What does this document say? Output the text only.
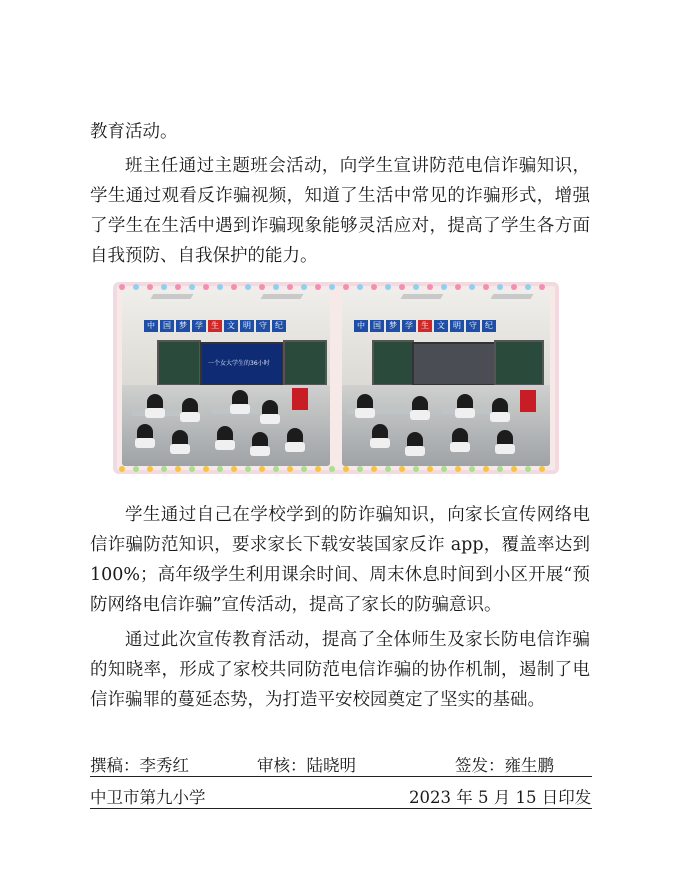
教育活动。

班主任通过主题班会活动，向学生宣讲防范电信诈骗知识，学生通过观看反诈骗视频，知道了生活中常见的诈骗形式，增强了学生在生活中遇到诈骗现象能够灵活应对，提高了学生各方面自我预防、自我保护的能力。

中	国	梦	学	生	文	明	守	纪
一个女大学生的36小时
中	国	梦	学	生	文	明	守	纪

学生通过自己在学校学到的防诈骗知识，向家长宣传网络电信诈骗防范知识，要求家长下载安装国家反诈 app，覆盖率达到100%；高年级学生利用课余时间、周末休息时间到小区开展“预防网络电信诈骗”宣传活动，提高了家长的防骗意识。

通过此次宣传教育活动，提高了全体师生及家长防电信诈骗的知晓率，形成了家校共同防范电信诈骗的协作机制，遏制了电信诈骗罪的蔓延态势，为打造平安校园奠定了坚实的基础。

撰稿：李秀红	审核：陆晓明	签发：雍生鹏
中卫市第九小学	2023 年 5 月 15 日印发
